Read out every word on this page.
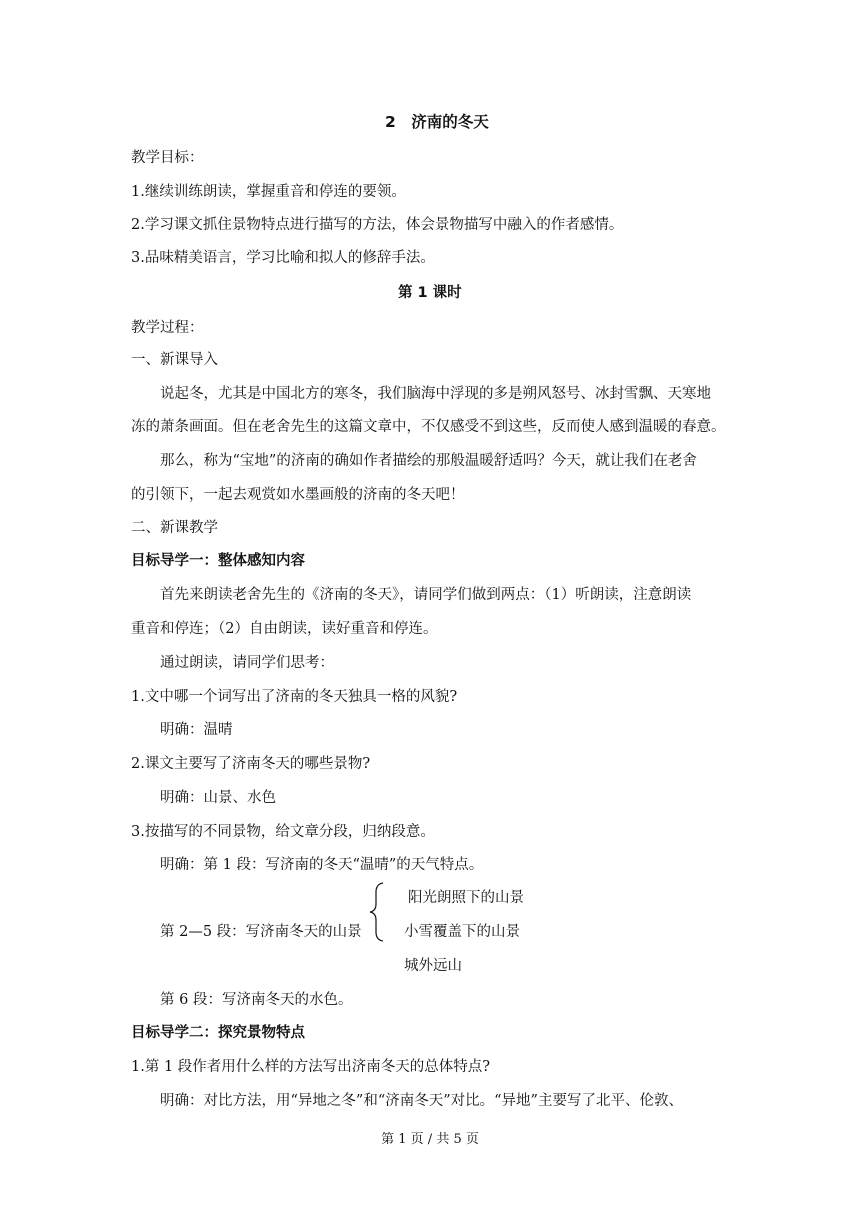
2　济南的冬天
教学目标：
1.继续训练朗读，掌握重音和停连的要领。
2.学习课文抓住景物特点进行描写的方法，体会景物描写中融入的作者感情。
3.品味精美语言，学习比喻和拟人的修辞手法。
第 1 课时
教学过程：
一、新课导入
说起冬，尤其是中国北方的寒冬，我们脑海中浮现的多是朔风怒号、冰封雪飘、天寒地
冻的萧条画面。但在老舍先生的这篇文章中，不仅感受不到这些，反而使人感到温暖的春意。
那么，称为“宝地”的济南的确如作者描绘的那般温暖舒适吗？今天，就让我们在老舍
的引领下，一起去观赏如水墨画般的济南的冬天吧！
二、新课教学
目标导学一：整体感知内容
首先来朗读老舍先生的《济南的冬天》，请同学们做到两点：（1）听朗读，注意朗读
重音和停连；（2）自由朗读，读好重音和停连。
通过朗读，请同学们思考：
1.文中哪一个词写出了济南的冬天独具一格的风貌?
明确：温晴
2.课文主要写了济南冬天的哪些景物?
明确：山景、水色
3.按描写的不同景物，给文章分段，归纳段意。
明确：第 1 段：写济南的冬天“温晴”的天气特点。
阳光朗照下的山景
第 2—5 段：写济南冬天的山景	小雪覆盖下的山景
城外远山
第 6 段：写济南冬天的水色。
目标导学二：探究景物特点
1.第 1 段作者用什么样的方法写出济南冬天的总体特点?
明确：对比方法，用“异地之冬”和“济南冬天”对比。“异地”主要写了北平、伦敦、
第 1 页 / 共 5 页
